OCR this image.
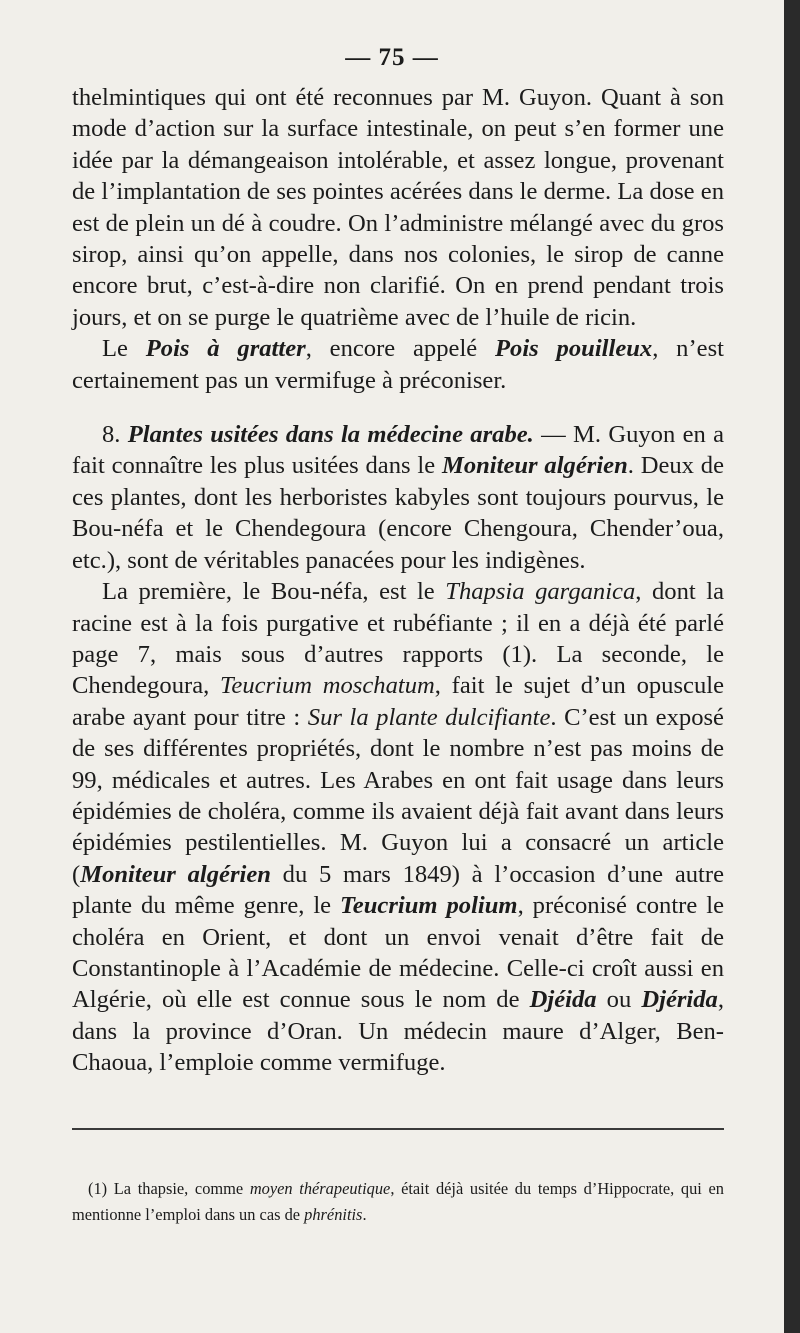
— 75 —

thelmintiques qui ont été reconnues par M. Guyon. Quant à son mode d’action sur la surface intestinale, on peut s’en former une idée par la démangeaison intolérable, et assez longue, provenant de l’implantation de ses pointes acérées dans le derme. La dose en est de plein un dé à coudre. On l’administre mélangé avec du gros sirop, ainsi qu’on appelle, dans nos colonies, le sirop de canne encore brut, c’est-à-dire non clarifié. On en prend pendant trois jours, et on se purge le quatrième avec de l’huile de ricin.

Le Pois à gratter, encore appelé Pois pouilleux, n’est certainement pas un vermifuge à préconiser.

8. Plantes usitées dans la médecine arabe. — M. Guyon en a fait connaître les plus usitées dans le Moniteur algérien. Deux de ces plantes, dont les herboristes kabyles sont toujours pourvus, le Bou-néfa et le Chendegoura (encore Chengoura, Chender’oua, etc.), sont de véritables panacées pour les indigènes.

La première, le Bou-néfa, est le Thapsia garganica, dont la racine est à la fois purgative et rubéfiante ; il en a déjà été parlé page 7, mais sous d’autres rapports (1). La seconde, le Chendegoura, Teucrium moschatum, fait le sujet d’un opuscule arabe ayant pour titre : Sur la plante dulcifiante. C’est un exposé de ses différentes propriétés, dont le nombre n’est pas moins de 99, médicales et autres. Les Arabes en ont fait usage dans leurs épidémies de choléra, comme ils avaient déjà fait avant dans leurs épidémies pestilentielles. M. Guyon lui a consacré un article (Moniteur algérien du 5 mars 1849) à l’occasion d’une autre plante du même genre, le Teucrium polium, préconisé contre le choléra en Orient, et dont un envoi venait d’être fait de Constantinople à l’Académie de médecine. Celle-ci croît aussi en Algérie, où elle est connue sous le nom de Djéida ou Djérida, dans la province d’Oran. Un médecin maure d’Alger, Ben-Chaoua, l’emploie comme vermifuge.

(1) La thapsie, comme moyen thérapeutique, était déjà usitée du temps d’Hippocrate, qui en mentionne l’emploi dans un cas de phrénitis.
